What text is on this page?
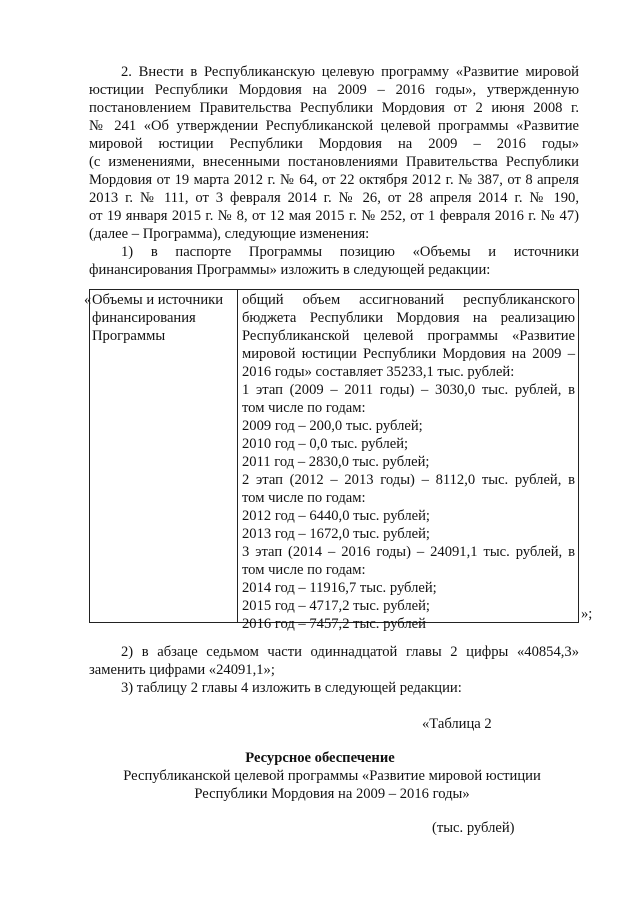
2. Внести в Республиканскую целевую программу «Развитие мировой
юстиции Республики Мордовия на 2009 – 2016 годы», утвержденную
постановлением Правительства Республики Мордовия от 2 июня 2008 г.
№ 241 «Об утверждении Республиканской целевой программы «Развитие
мировой юстиции Республики Мордовия на 2009 – 2016 годы»
(с изменениями, внесенными постановлениями Правительства Республики
Мордовия от 19 марта 2012 г. № 64, от 22 октября 2012 г. № 387, от 8 апреля
2013 г. № 111, от 3 февраля 2014 г. № 26, от 28 апреля 2014 г. № 190,
от 19 января 2015 г. № 8, от 12 мая 2015 г. № 252, от 1 февраля 2016 г. № 47)
(далее – Программа), следующие изменения:
1) в паспорте Программы позицию «Объемы и источники
финансирования Программы» изложить в следующей редакции:
« Объемы и источники
финансирования
Программы
общий объем ассигнований республиканского
бюджета Республики Мордовия на реализацию
Республиканской целевой программы «Развитие
мировой юстиции Республики Мордовия на 2009 –
2016 годы» составляет 35233,1 тыс. рублей:
1 этап (2009 – 2011 годы) – 3030,0 тыс. рублей, в
том числе по годам:
2009 год – 200,0 тыс. рублей;
2010 год – 0,0 тыс. рублей;
2011 год – 2830,0 тыс. рублей;
2 этап (2012 – 2013 годы) – 8112,0 тыс. рублей, в
том числе по годам:
2012 год – 6440,0 тыс. рублей;
2013 год – 1672,0 тыс. рублей;
3 этап (2014 – 2016 годы) – 24091,1 тыс. рублей, в
том числе по годам:
2014 год – 11916,7 тыс. рублей;
2015 год – 4717,2 тыс. рублей;
2016 год – 7457,2 тыс. рублей
»;
2) в абзаце седьмом части одиннадцатой главы 2 цифры «40854,3»
заменить цифрами «24091,1»;
3) таблицу 2 главы 4 изложить в следующей редакции:
«Таблица 2
Ресурсное обеспечение
Республиканской целевой программы «Развитие мировой юстиции
Республики Мордовия на 2009 – 2016 годы»
(тыс. рублей)
